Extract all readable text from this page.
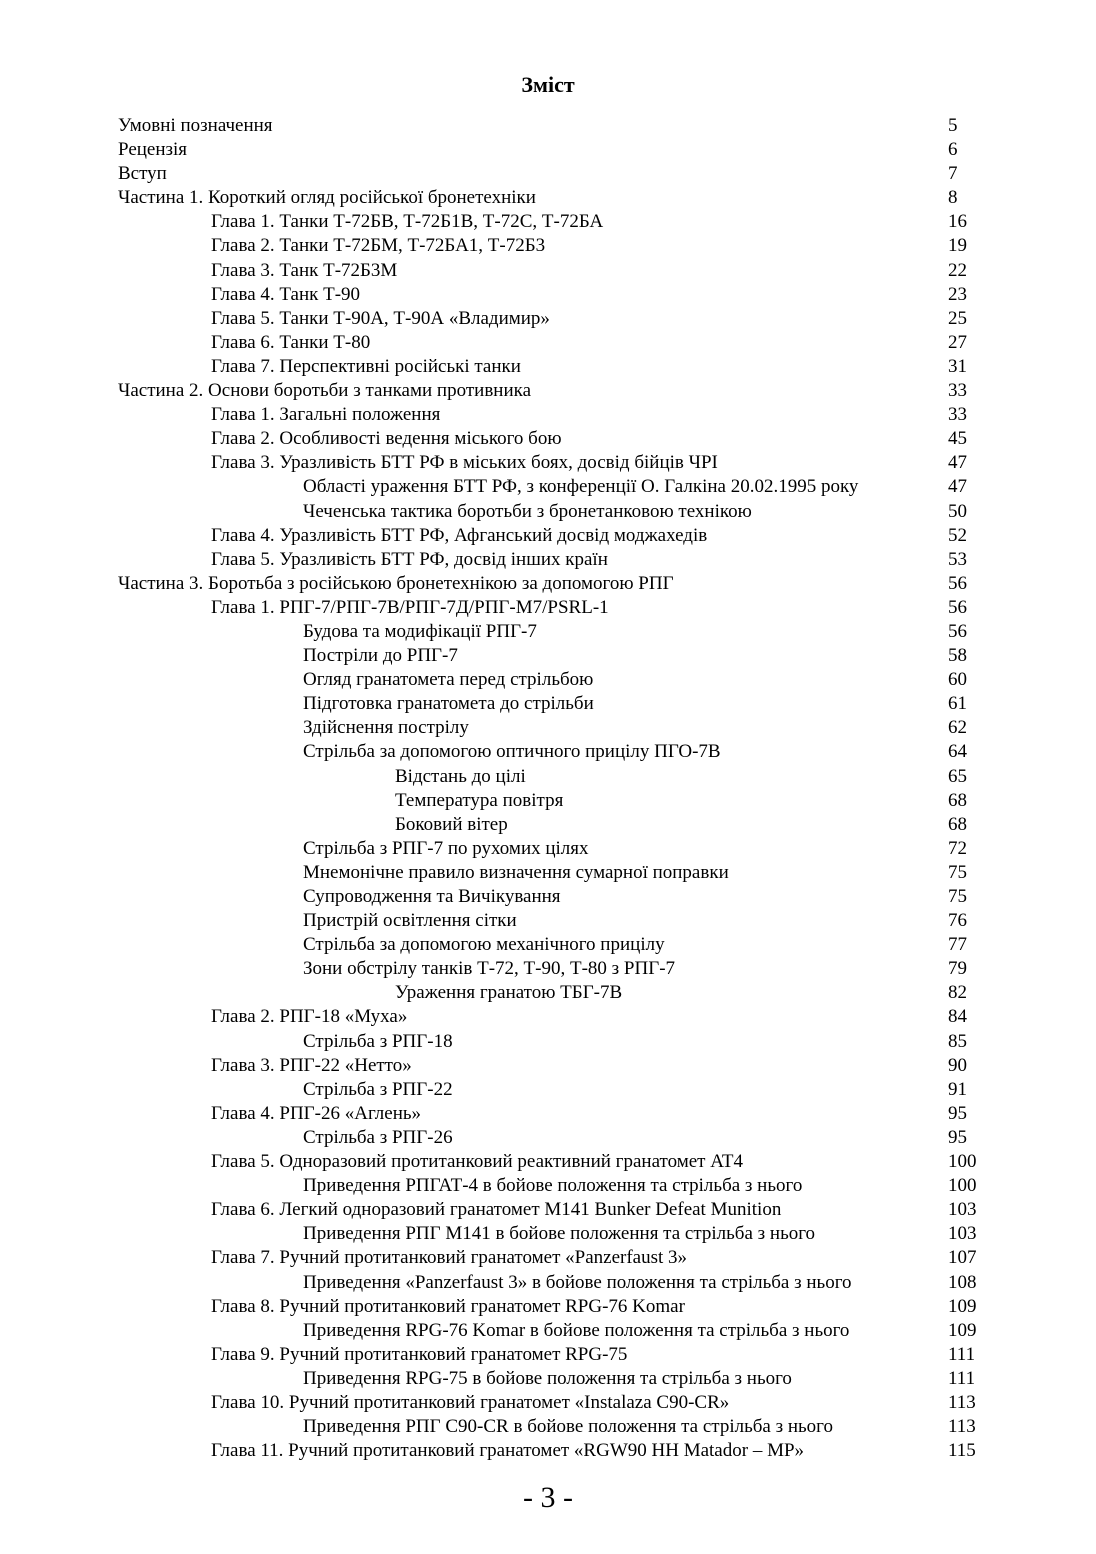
Зміст
Умовні позначення	5
Рецензія	6
Вступ	7
Частина 1. Короткий огляд російської бронетехніки	8
Глава 1. Танки Т-72БВ, Т-72Б1В, Т-72С, Т-72БА	16
Глава 2. Танки Т-72БМ, Т-72БА1, Т-72Б3	19
Глава 3. Танк Т-72Б3М	22
Глава 4. Танк Т-90	23
Глава 5. Танки Т-90А, Т-90А «Владимир»	25
Глава 6. Танки Т-80	27
Глава 7. Перспективні російські танки	31
Частина 2. Основи боротьби з танками противника	33
Глава 1. Загальні положення	33
Глава 2. Особливості ведення міського бою	45
Глава 3. Уразливість БТТ РФ в міських боях, досвід бійців ЧРІ	47
Області ураження БТТ РФ, з конференції О. Галкіна 20.02.1995 року	47
Чеченська тактика боротьби з бронетанковою технікою	50
Глава 4. Уразливість БТТ РФ, Афганський досвід моджахедів	52
Глава 5. Уразливість БТТ РФ, досвід інших країн	53
Частина 3. Боротьба з російською бронетехнікою за допомогою РПГ	56
Глава 1. РПГ-7/РПГ-7В/РПГ-7Д/РПГ-М7/PSRL-1	56
Будова та модифікації РПГ-7	56
Постріли до РПГ-7	58
Огляд гранатомета перед стрільбою	60
Підготовка гранатомета до стрільби	61
Здійснення пострілу	62
Стрільба за допомогою оптичного прицілу ПГО-7В	64
Відстань до цілі	65
Температура повітря	68
Боковий вітер	68
Стрільба з РПГ-7 по рухомих цілях	72
Мнемонічне правило визначення сумарної поправки	75
Супроводження та Вичікування	75
Пристрій освітлення сітки	76
Стрільба за допомогою механічного прицілу	77
Зони обстрілу танків Т-72, Т-90, Т-80 з РПГ-7	79
Ураження гранатою ТБГ-7В	82
Глава 2. РПГ-18 «Муха»	84
Стрільба з РПГ-18	85
Глава 3. РПГ-22 «Нетто»	90
Стрільба з РПГ-22	91
Глава 4. РПГ-26 «Аглень»	95
Стрільба з РПГ-26	95
Глава 5. Одноразовий протитанковий реактивний гранатомет AT4	100
Приведення РПГАТ-4 в бойове положення та стрільба з нього	100
Глава 6. Легкий одноразовий гранатомет M141 Bunker Defeat Munition	103
Приведення РПГ M141 в бойове положення та стрільба з нього	103
Глава 7. Ручний протитанковий гранатомет «Panzerfaust 3»	107
Приведення «Panzerfaust 3» в бойове положення та стрільба з нього	108
Глава 8. Ручний протитанковий гранатомет RPG-76 Komar	109
Приведення RPG-76 Komar в бойове положення та стрільба з нього	109
Глава 9. Ручний протитанковий гранатомет RPG-75	111
Приведення RPG-75 в бойове положення та стрільба з нього	111
Глава 10. Ручний протитанковий гранатомет «Instalaza C90-CR»	113
Приведення РПГ C90-CR в бойове положення та стрільба з нього	113
Глава 11. Ручний протитанковий гранатомет «RGW90 HH Matador – MP»	115
- 3 -
